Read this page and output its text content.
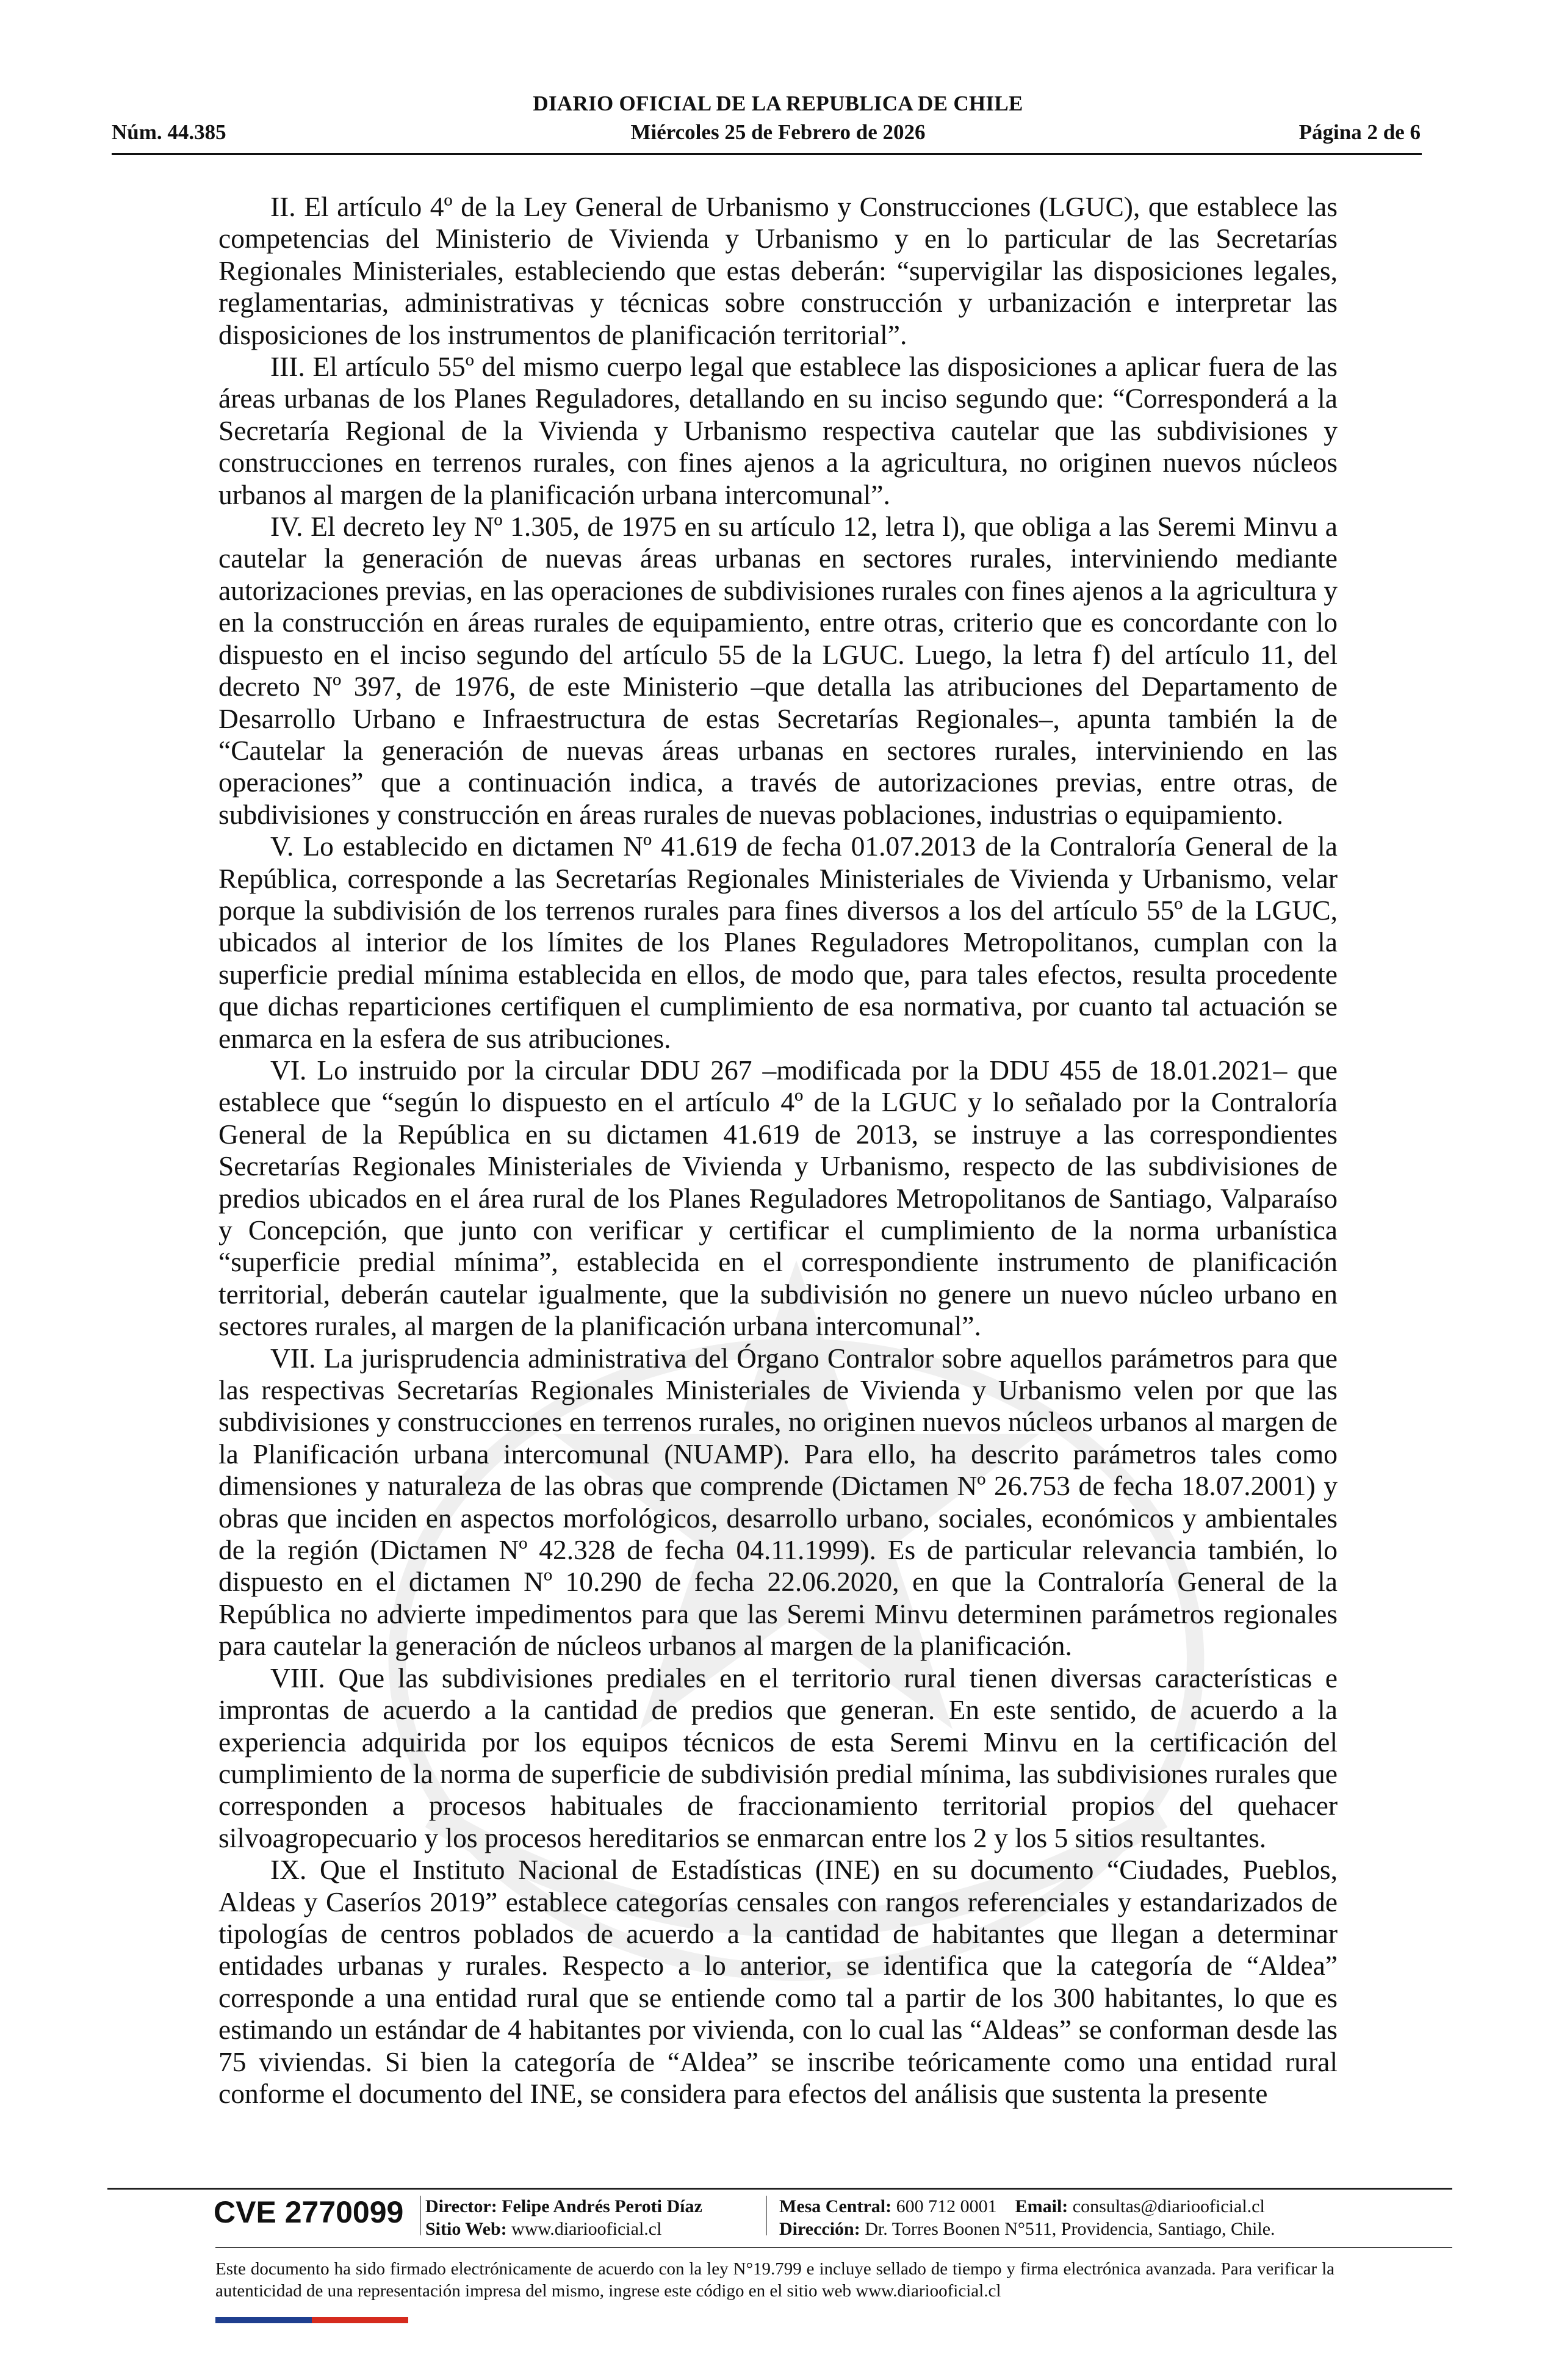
DIARIO OFICIAL DE LA REPUBLICA DE CHILE
Núm. 44.385	Miércoles 25 de Febrero de 2026	Página 2 de 6

II. El artículo 4º de la Ley General de Urbanismo y Construcciones (LGUC), que establece las competencias del Ministerio de Vivienda y Urbanismo y en lo particular de las Secretarías Regionales Ministeriales, estableciendo que estas deberán: “supervigilar las disposiciones legales, reglamentarias, administrativas y técnicas sobre construcción y urbanización e interpretar las disposiciones de los instrumentos de planificación territorial”.

III. El artículo 55º del mismo cuerpo legal que establece las disposiciones a aplicar fuera de las áreas urbanas de los Planes Reguladores, detallando en su inciso segundo que: “Corresponderá a la Secretaría Regional de la Vivienda y Urbanismo respectiva cautelar que las subdivisiones y construcciones en terrenos rurales, con fines ajenos a la agricultura, no originen nuevos núcleos urbanos al margen de la planificación urbana intercomunal”.

IV. El decreto ley Nº 1.305, de 1975 en su artículo 12, letra l), que obliga a las Seremi Minvu a cautelar la generación de nuevas áreas urbanas en sectores rurales, interviniendo mediante autorizaciones previas, en las operaciones de subdivisiones rurales con fines ajenos a la agricultura y en la construcción en áreas rurales de equipamiento, entre otras, criterio que es concordante con lo dispuesto en el inciso segundo del artículo 55 de la LGUC. Luego, la letra f) del artículo 11, del decreto Nº 397, de 1976, de este Ministerio –que detalla las atribuciones del Departamento de Desarrollo Urbano e Infraestructura de estas Secretarías Regionales–, apunta también la de “Cautelar la generación de nuevas áreas urbanas en sectores rurales, interviniendo en las operaciones” que a continuación indica, a través de autorizaciones previas, entre otras, de subdivisiones y construcción en áreas rurales de nuevas poblaciones, industrias o equipamiento.

V. Lo establecido en dictamen Nº 41.619 de fecha 01.07.2013 de la Contraloría General de la República, corresponde a las Secretarías Regionales Ministeriales de Vivienda y Urbanismo, velar porque la subdivisión de los terrenos rurales para fines diversos a los del artículo 55º de la LGUC, ubicados al interior de los límites de los Planes Reguladores Metropolitanos, cumplan con la superficie predial mínima establecida en ellos, de modo que, para tales efectos, resulta procedente que dichas reparticiones certifiquen el cumplimiento de esa normativa, por cuanto tal actuación se enmarca en la esfera de sus atribuciones.

VI. Lo instruido por la circular DDU 267 –modificada por la DDU 455 de 18.01.2021– que establece que “según lo dispuesto en el artículo 4º de la LGUC y lo señalado por la Contraloría General de la República en su dictamen 41.619 de 2013, se instruye a las correspondientes Secretarías Regionales Ministeriales de Vivienda y Urbanismo, respecto de las subdivisiones de predios ubicados en el área rural de los Planes Reguladores Metropolitanos de Santiago, Valparaíso y Concepción, que junto con verificar y certificar el cumplimiento de la norma urbanística “superficie predial mínima”, establecida en el correspondiente instrumento de planificación territorial, deberán cautelar igualmente, que la subdivisión no genere un nuevo núcleo urbano en sectores rurales, al margen de la planificación urbana intercomunal”.

VII. La jurisprudencia administrativa del Órgano Contralor sobre aquellos parámetros para que las respectivas Secretarías Regionales Ministeriales de Vivienda y Urbanismo velen por que las subdivisiones y construcciones en terrenos rurales, no originen nuevos núcleos urbanos al margen de la Planificación urbana intercomunal (NUAMP). Para ello, ha descrito parámetros tales como dimensiones y naturaleza de las obras que comprende (Dictamen Nº 26.753 de fecha 18.07.2001) y obras que inciden en aspectos morfológicos, desarrollo urbano, sociales, económicos y ambientales de la región (Dictamen Nº 42.328 de fecha 04.11.1999). Es de particular relevancia también, lo dispuesto en el dictamen Nº 10.290 de fecha 22.06.2020, en que la Contraloría General de la República no advierte impedimentos para que las Seremi Minvu determinen parámetros regionales para cautelar la generación de núcleos urbanos al margen de la planificación.

VIII. Que las subdivisiones prediales en el territorio rural tienen diversas características e improntas de acuerdo a la cantidad de predios que generan. En este sentido, de acuerdo a la experiencia adquirida por los equipos técnicos de esta Seremi Minvu en la certificación del cumplimiento de la norma de superficie de subdivisión predial mínima, las subdivisiones rurales que corresponden a procesos habituales de fraccionamiento territorial propios del quehacer silvoagropecuario y los procesos hereditarios se enmarcan entre los 2 y los 5 sitios resultantes.

IX. Que el Instituto Nacional de Estadísticas (INE) en su documento “Ciudades, Pueblos, Aldeas y Caseríos 2019” establece categorías censales con rangos referenciales y estandarizados de tipologías de centros poblados de acuerdo a la cantidad de habitantes que llegan a determinar entidades urbanas y rurales. Respecto a lo anterior, se identifica que la categoría de “Aldea” corresponde a una entidad rural que se entiende como tal a partir de los 300 habitantes, lo que es estimando un estándar de 4 habitantes por vivienda, con lo cual las “Aldeas” se conforman desde las 75 viviendas. Si bien la categoría de “Aldea” se inscribe teóricamente como una entidad rural conforme el documento del INE, se considera para efectos del análisis que sustenta la presente

CVE 2770099 Director: Felipe Andrés Peroti Díaz
Sitio Web: www.diariooficial.cl
Mesa Central: 600 712 0001 Email: consultas@diariooficial.cl
Dirección: Dr. Torres Boonen N°511, Providencia, Santiago, Chile.
Este documento ha sido firmado electrónicamente de acuerdo con la ley N°19.799 e incluye sellado de tiempo y firma electrónica avanzada. Para verificar la autenticidad de una representación impresa del mismo, ingrese este código en el sitio web www.diariooficial.cl
